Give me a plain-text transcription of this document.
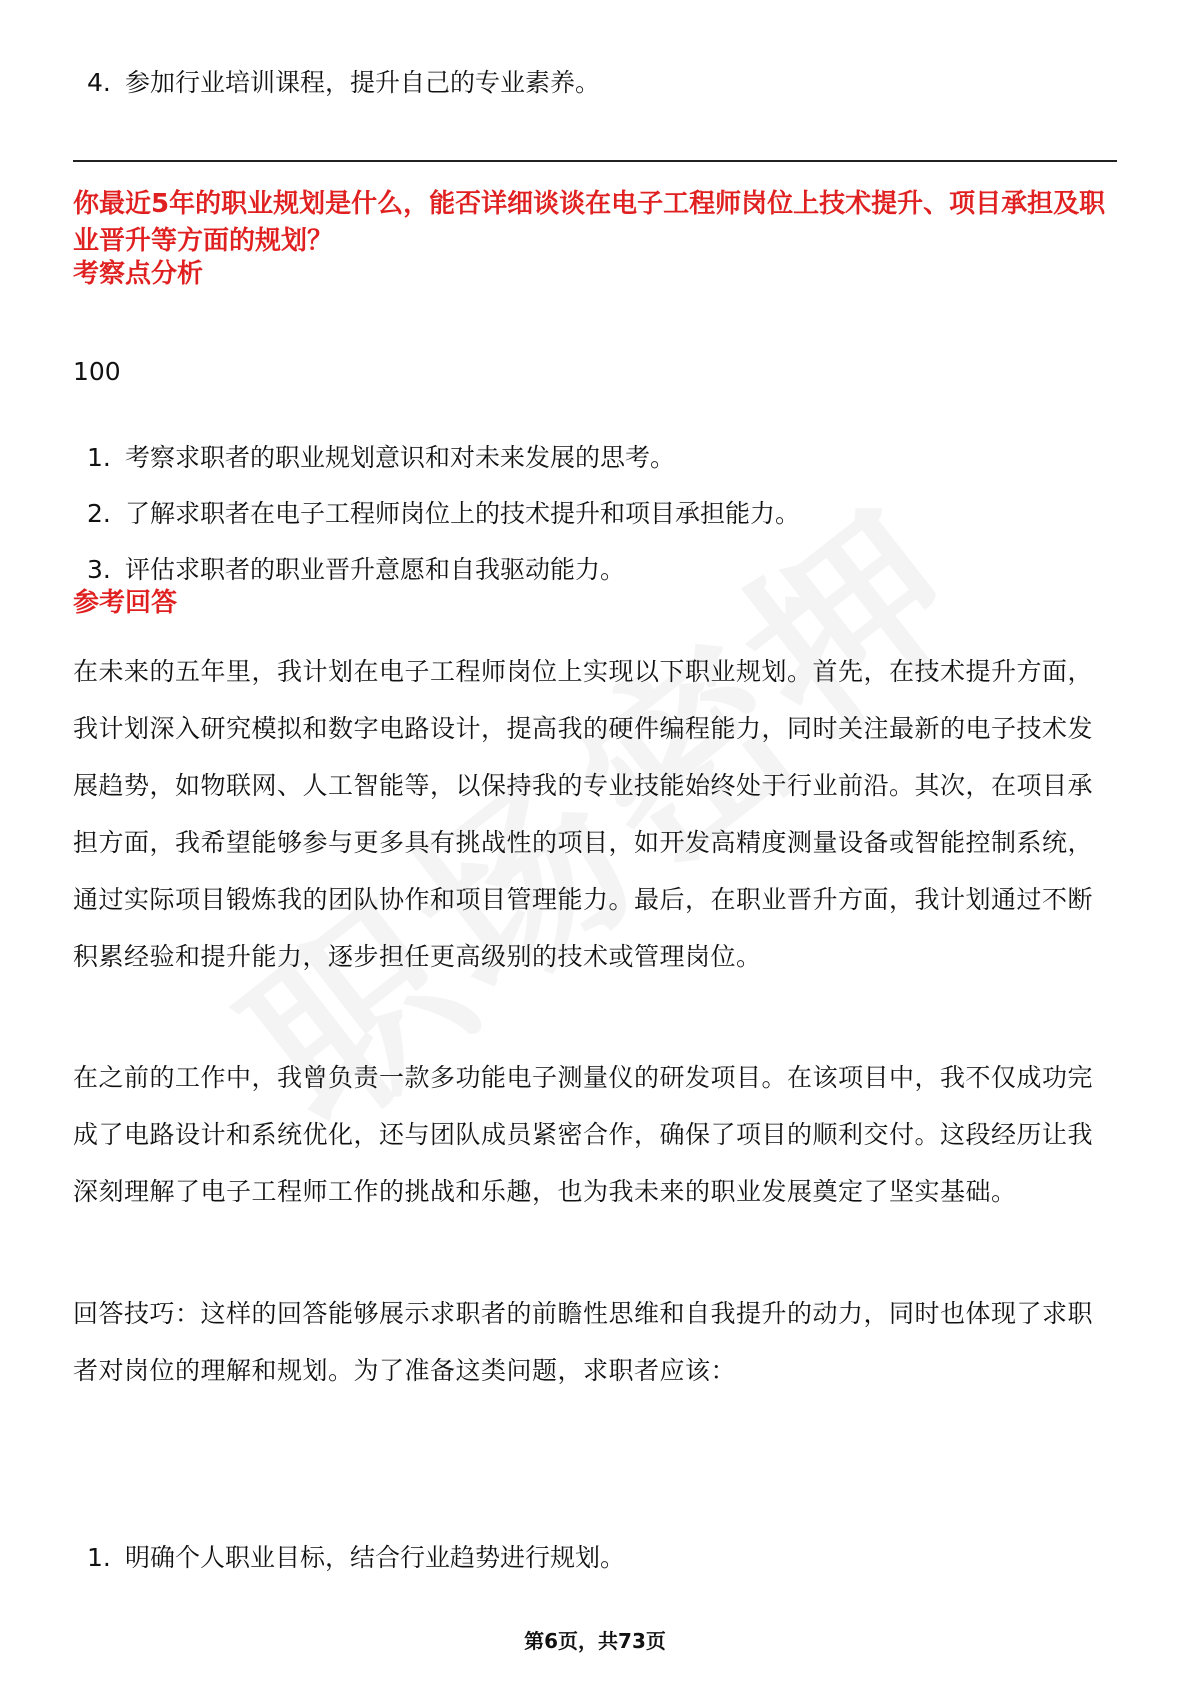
4. 参加行业培训课程，提升自己的专业素养。
你最近5年的职业规划是什么，能否详细谈谈在电子工程师岗位上技术提升、项目承担及职业晋升等方面的规划？
考察点分析

100

1. 考察求职者的职业规划意识和对未来发展的思考。
2. 了解求职者在电子工程师岗位上的技术提升和项目承担能力。
3. 评估求职者的职业晋升意愿和自我驱动能力。
参考回答

在未来的五年里，我计划在电子工程师岗位上实现以下职业规划。首先，在技术提升方面，我计划深入研究模拟和数字电路设计，提高我的硬件编程能力，同时关注最新的电子技术发展趋势，如物联网、人工智能等，以保持我的专业技能始终处于行业前沿。其次，在项目承担方面，我希望能够参与更多具有挑战性的项目，如开发高精度测量设备或智能控制系统，通过实际项目锻炼我的团队协作和项目管理能力。最后，在职业晋升方面，我计划通过不断积累经验和提升能力，逐步担任更高级别的技术或管理岗位。

在之前的工作中，我曾负责一款多功能电子测量仪的研发项目。在该项目中，我不仅成功完成了电路设计和系统优化，还与团队成员紧密合作，确保了项目的顺利交付。这段经历让我深刻理解了电子工程师工作的挑战和乐趣，也为我未来的职业发展奠定了坚实基础。

回答技巧：这样的回答能够展示求职者的前瞻性思维和自我提升的动力，同时也体现了求职者对岗位的理解和规划。为了准备这类问题，求职者应该：

1. 明确个人职业目标，结合行业趋势进行规划。
第6页，共73页
